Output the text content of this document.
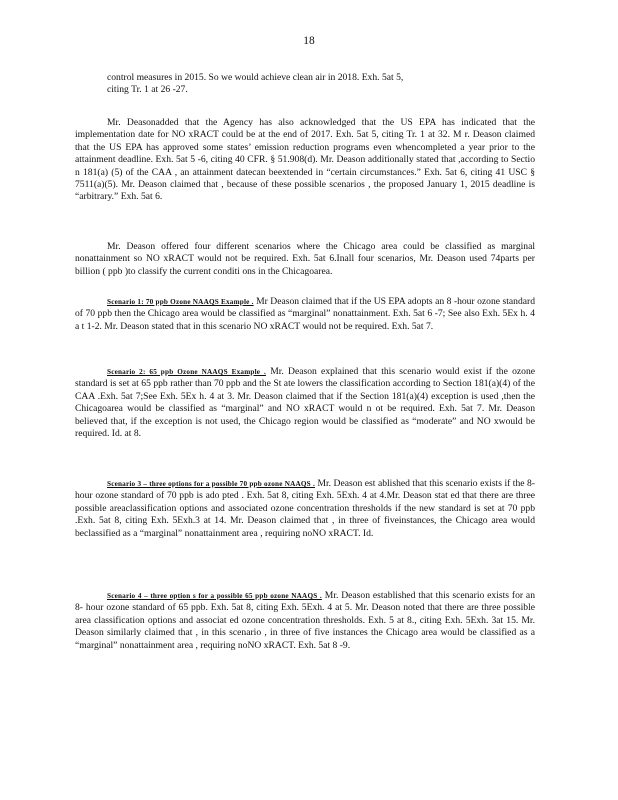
18

control measures in 2015. So we would achieve clean air in 2018. Exh. 5at 5,

citing Tr. 1 at 26 -27.

Mr. Deasonadded that the Agency has also acknowledged that the US EPA has indicated that the implementation date for NO xRACT could be at the end of 2017. Exh. 5at 5, citing Tr. 1 at 32. M r. Deason claimed that the US EPA has approved some states’ emission reduction programs even whencompleted a year prior to the attainment deadline. Exh. 5at 5 -6, citing 40 CFR. § 51.908(d). Mr. Deason additionally stated that ,according to Sectio n 181(a) (5) of the CAA , an attainment datecan beextended in “certain circumstances.” Exh. 5at 6, citing 41 USC § 7511(a)(5). Mr. Deason claimed that , because of these possible scenarios , the proposed January 1, 2015 deadline is “arbitrary.” Exh. 5at 6.

Mr. Deason offered four different scenarios where the Chicago area could be classified as marginal nonattainment so NO xRACT would not be required. Exh. 5at 6.Inall four scenarios, Mr. Deason used 74parts per billion ( ppb )to classify the current conditi ons in the Chicagoarea.

Scenario 1: 70 ppb Ozone NAAQS Example . Mr Deason claimed that if the US EPA adopts an 8 -hour ozone standard of 70 ppb then the Chicago area would be classified as “marginal” nonattainment. Exh. 5at 6 -7; See also Exh. 5Ex h. 4 a t 1-2. Mr. Deason stated that in this scenario NO xRACT would not be required. Exh. 5at 7.

Scenario 2: 65 ppb Ozone NAAQS Example . Mr. Deason explained that this scenario would exist if the ozone standard is set at 65 ppb rather than 70 ppb and the St ate lowers the classification according to Section 181(a)(4) of the CAA .Exh. 5at 7;See Exh. 5Ex h. 4 at 3. Mr. Deason claimed that if the Section 181(a)(4) exception is used ,then the Chicagoarea would be classified as “marginal” and NO xRACT would n ot be required. Exh. 5at 7. Mr. Deason believed that, if the exception is not used, the Chicago region would be classified as “moderate” and NO xwould be required. Id. at 8.

Scenario 3 – three options for a possible 70 ppb ozone NAAQS . Mr. Deason est ablished that this scenario exists if the 8- hour ozone standard of 70 ppb is ado pted . Exh. 5at 8, citing Exh. 5Exh. 4 at 4.Mr. Deason stat ed that there are three possible areaclassification options and associated ozone concentration thresholds if the new standard is set at 70 ppb .Exh. 5at 8, citing Exh. 5Exh.3 at 14. Mr. Deason claimed that , in three of fiveinstances, the Chicago area would beclassified as a “marginal” nonattainment area , requiring noNO xRACT. Id.

Scenario 4 – three option s for a possible 65 ppb ozone NAAQS . Mr. Deason established that this scenario exists for an 8- hour ozone standard of 65 ppb. Exh. 5at 8, citing Exh. 5Exh. 4 at 5. Mr. Deason noted that there are three possible area classification options and associat ed ozone concentration thresholds. Exh. 5 at 8., citing Exh. 5Exh. 3at 15. Mr. Deason similarly claimed that , in this scenario , in three of five instances the Chicago area would be classified as a “marginal” nonattainment area , requiring noNO xRACT. Exh. 5at 8 -9.
